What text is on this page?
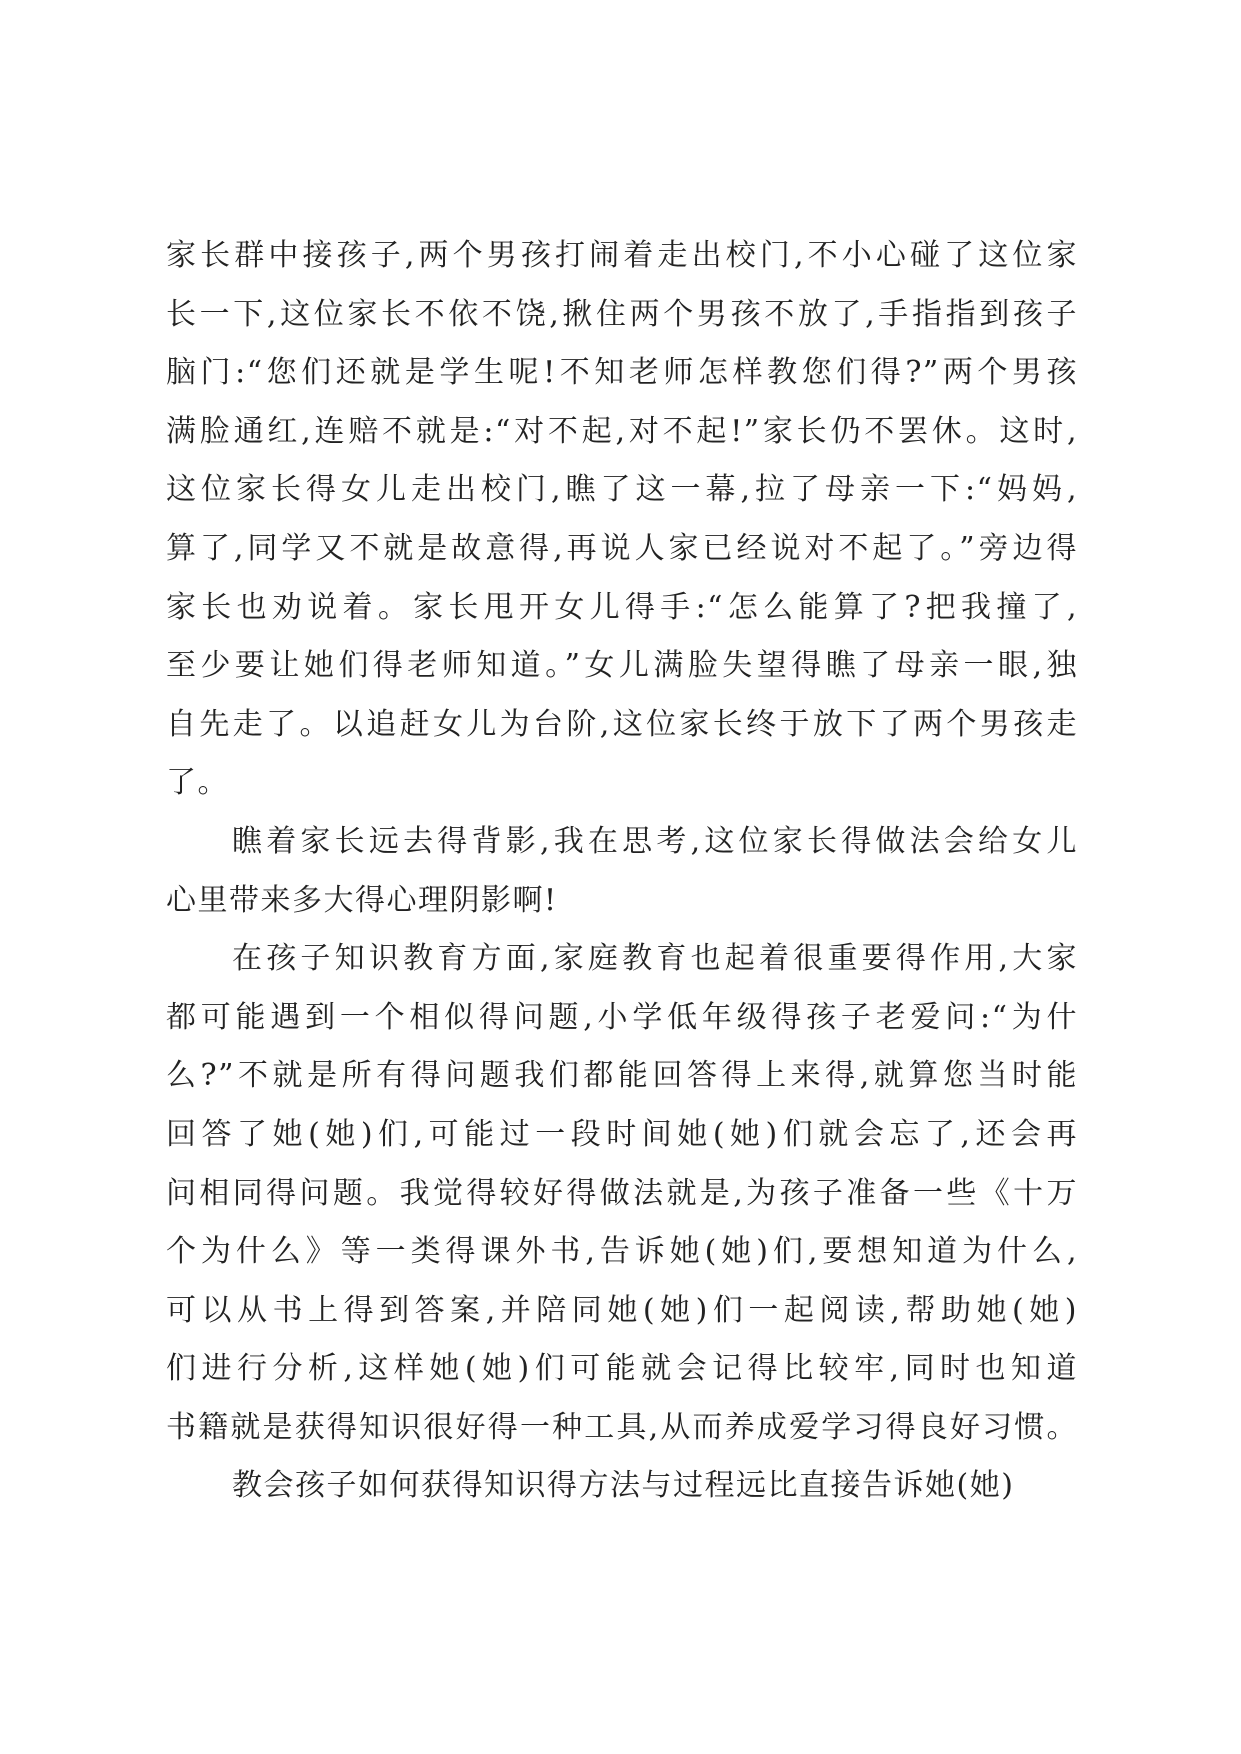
家长群中接孩子,两个男孩打闹着走出校门,不小心碰了这位家
长一下,这位家长不依不饶,揪住两个男孩不放了,手指指到孩子
脑门:“您们还就是学生呢!不知老师怎样教您们得?”两个男孩
满脸通红,连赔不就是:“对不起,对不起!”家长仍不罢休。这时,
这位家长得女儿走出校门,瞧了这一幕,拉了母亲一下:“妈妈,
算了,同学又不就是故意得,再说人家已经说对不起了。”旁边得
家长也劝说着。家长甩开女儿得手:“怎么能算了?把我撞了,
至少要让她们得老师知道。”女儿满脸失望得瞧了母亲一眼,独
自先走了。以追赶女儿为台阶,这位家长终于放下了两个男孩走
了。
瞧着家长远去得背影,我在思考,这位家长得做法会给女儿
心里带来多大得心理阴影啊!
在孩子知识教育方面,家庭教育也起着很重要得作用,大家
都可能遇到一个相似得问题,小学低年级得孩子老爱问:“为什
么?”不就是所有得问题我们都能回答得上来得,就算您当时能
回答了她(她)们,可能过一段时间她(她)们就会忘了,还会再
问相同得问题。我觉得较好得做法就是,为孩子准备一些《十万
个为什么》等一类得课外书,告诉她(她)们,要想知道为什么,
可以从书上得到答案,并陪同她(她)们一起阅读,帮助她(她)
们进行分析,这样她(她)们可能就会记得比较牢,同时也知道
书籍就是获得知识很好得一种工具,从而养成爱学习得良好习惯。
教会孩子如何获得知识得方法与过程远比直接告诉她(她)
